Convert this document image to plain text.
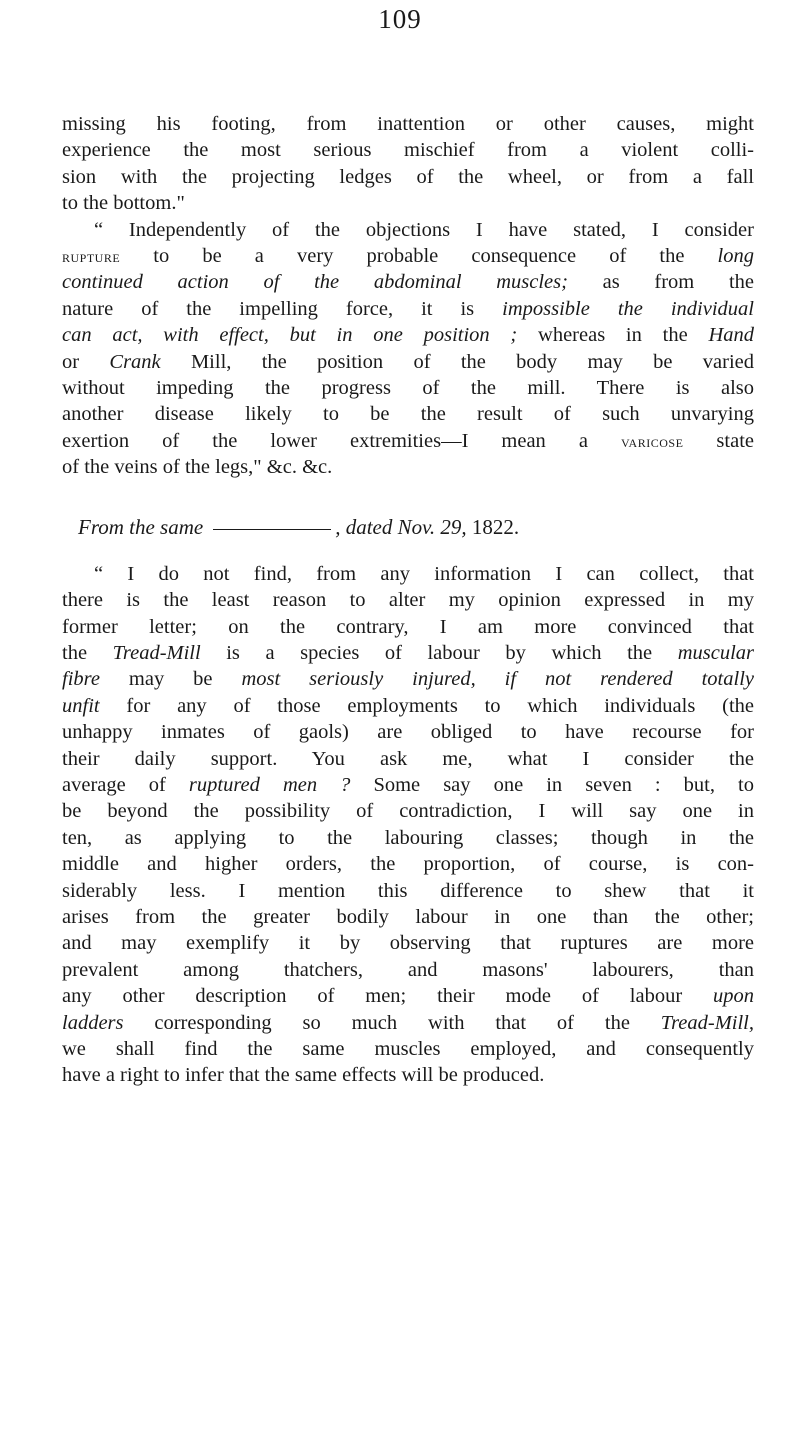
109
missing his footing, from inattention or other causes, might
experience the most serious mischief from a violent colli-
sion with the projecting ledges of the wheel, or from a fall
to the bottom."
“ Independently of the objections I have stated, I consider
rupture to be a very probable consequence of the long
continued action of the abdominal muscles; as from the
nature of the impelling force, it is impossible the individual
can act, with effect, but in one position ; whereas in the Hand
or Crank Mill, the position of the body may be varied
without impeding the progress of the mill. There is also
another disease likely to be the result of such unvarying
exertion of the lower extremities—I mean a varicose state
of the veins of the legs," &c. &c.
From the same	, dated Nov. 29, 1822.
“ I do not find, from any information I can collect, that
there is the least reason to alter my opinion expressed in my
former letter; on the contrary, I am more convinced that
the Tread-Mill is a species of labour by which the muscular
fibre may be most seriously injured, if not rendered totally
unfit for any of those employments to which individuals (the
unhappy inmates of gaols) are obliged to have recourse for
their daily support. You ask me, what I consider the
average of ruptured men ? Some say one in seven : but, to
be beyond the possibility of contradiction, I will say one in
ten, as applying to the labouring classes; though in the
middle and higher orders, the proportion, of course, is con-
siderably less. I mention this difference to shew that it
arises from the greater bodily labour in one than the other;
and may exemplify it by observing that ruptures are more
prevalent among thatchers, and masons' labourers, than
any other description of men; their mode of labour upon
ladders corresponding so much with that of the Tread-Mill,
we shall find the same muscles employed, and consequently
have a right to infer that the same effects will be produced.
